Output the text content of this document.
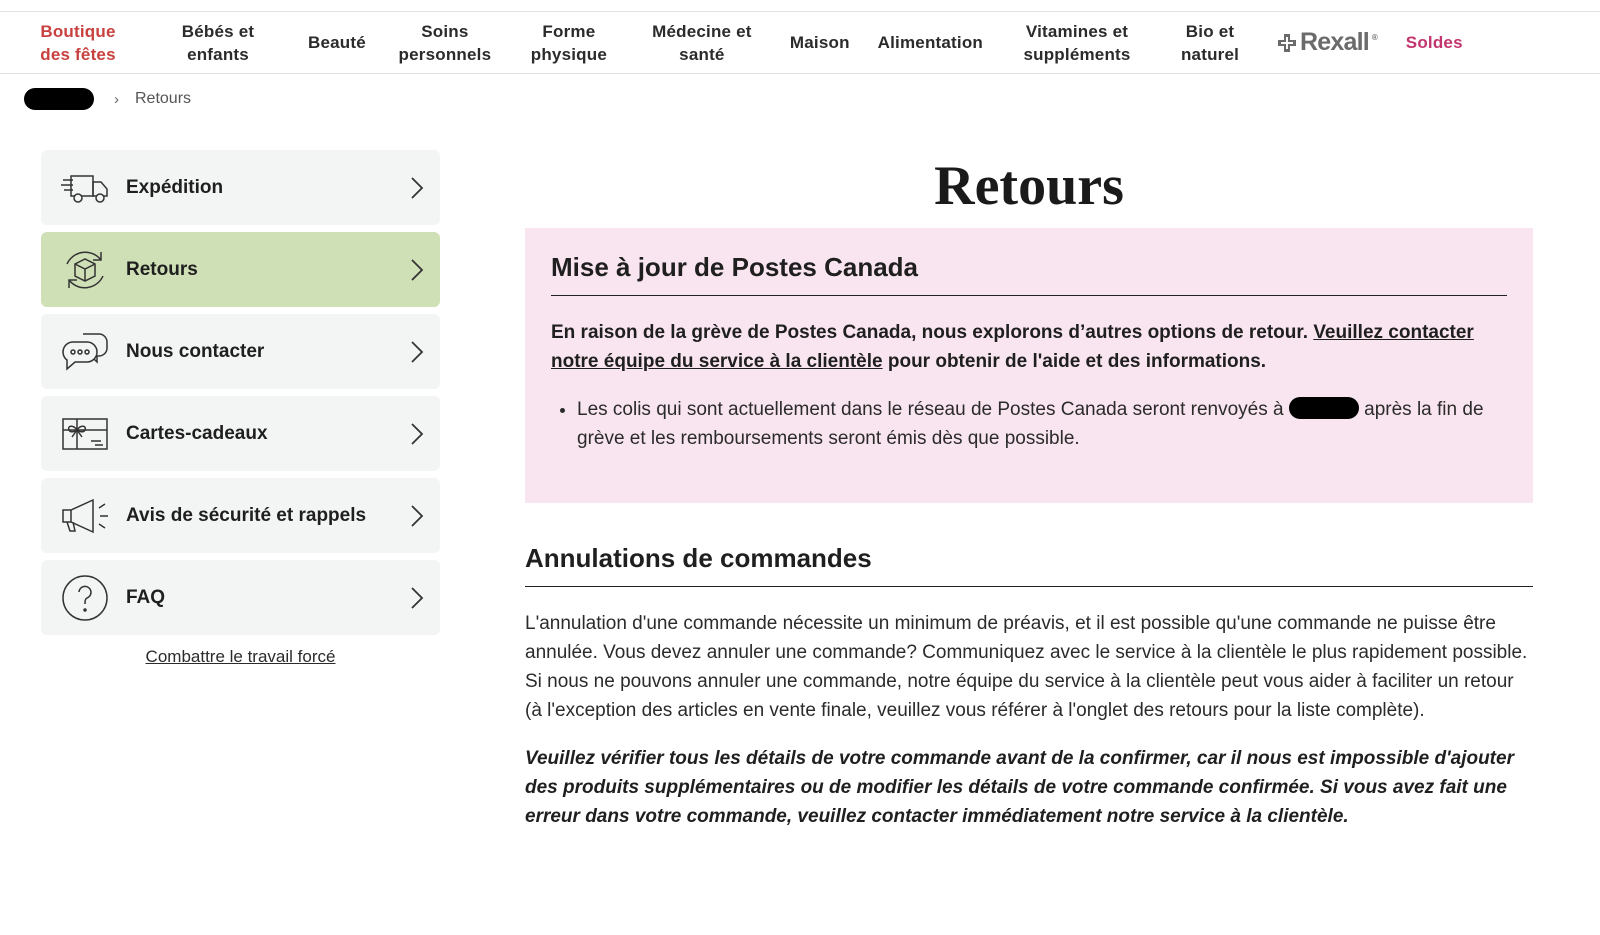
Boutique des fêtes
Bébés et enfants
Beauté
Soins personnels
Forme physique
Médecine et santé
Maison	Alimentation
Vitamines et suppléments
Bio et naturel	Rexall ®	Soldes
› Retours
Expédition
Retours
Nous contacter
Cartes-cadeaux
Avis de sécurité et rappels
FAQ
Combattre le travail forcé
Retours
Mise à jour de Postes Canada

En raison de la grève de Postes Canada, nous explorons d’autres options de retour. Veuillez contacter notre équipe du service à la clientèle pour obtenir de l'aide et des informations.

• Les colis qui sont actuellement dans le réseau de Postes Canada seront renvoyés à	après la fin de grève et les remboursements seront émis dès que possible.
Annulations de commandes

L'annulation d'une commande nécessite un minimum de préavis, et il est possible qu'une commande ne puisse être annulée. Vous devez annuler une commande? Communiquez avec le service à la clientèle le plus rapidement possible. Si nous ne pouvons annuler une commande, notre équipe du service à la clientèle peut vous aider à faciliter un retour (à l'exception des articles en vente finale, veuillez vous référer à l'onglet des retours pour la liste complète).

Veuillez vérifier tous les détails de votre commande avant de la confirmer, car il nous est impossible d'ajouter des produits supplémentaires ou de modifier les détails de votre commande confirmée. Si vous avez fait une erreur dans votre commande, veuillez contacter immédiatement notre service à la clientèle.
